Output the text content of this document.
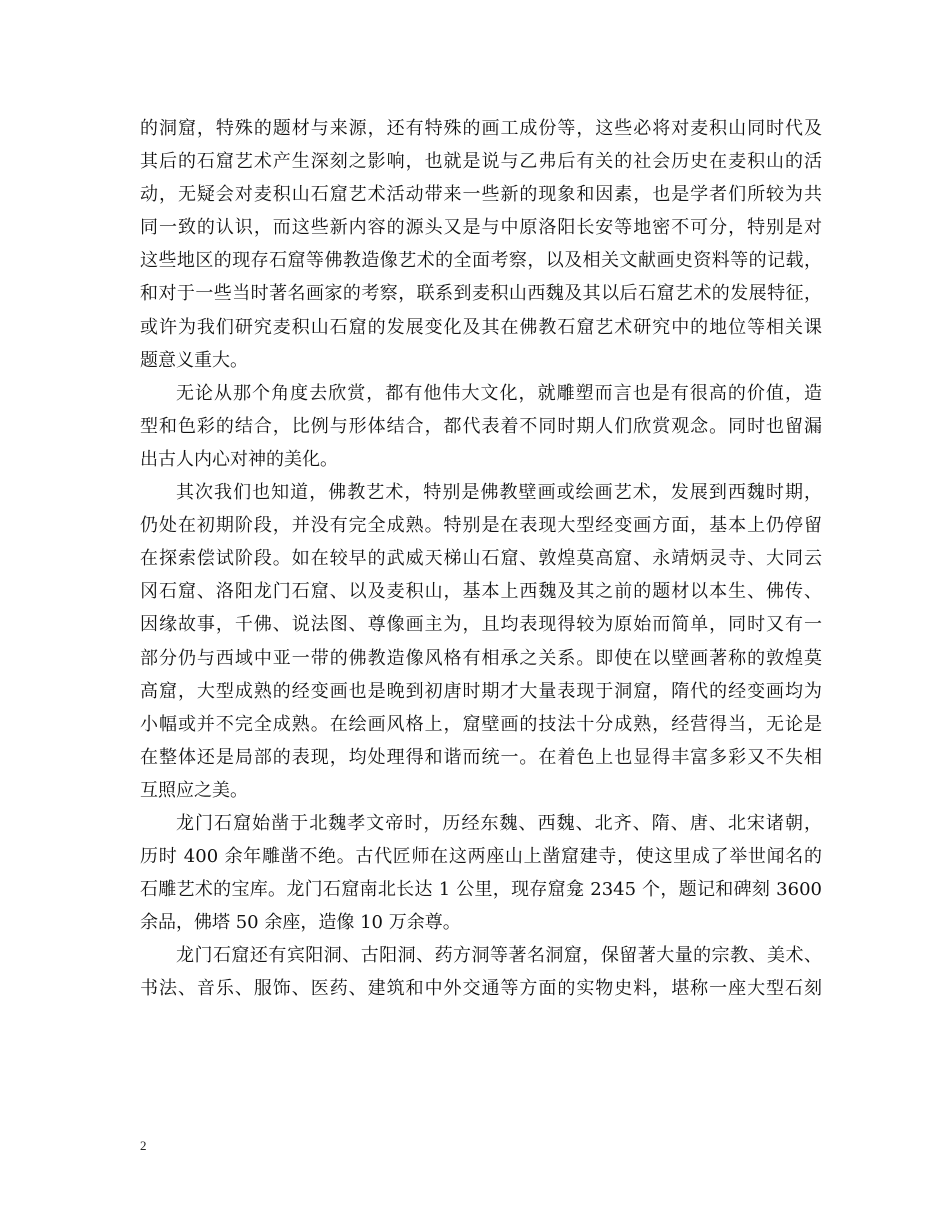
的洞窟，特殊的题材与来源，还有特殊的画工成份等，这些必将对麦积山同时代及
其后的石窟艺术产生深刻之影响，也就是说与乙弗后有关的社会历史在麦积山的活
动，无疑会对麦积山石窟艺术活动带来一些新的现象和因素，也是学者们所较为共
同一致的认识，而这些新内容的源头又是与中原洛阳长安等地密不可分，特别是对
这些地区的现存石窟等佛教造像艺术的全面考察，以及相关文献画史资料等的记载，
和对于一些当时著名画家的考察，联系到麦积山西魏及其以后石窟艺术的发展特征，
或许为我们研究麦积山石窟的发展变化及其在佛教石窟艺术研究中的地位等相关课
题意义重大。
无论从那个角度去欣赏，都有他伟大文化，就雕塑而言也是有很高的价值，造
型和色彩的结合，比例与形体结合，都代表着不同时期人们欣赏观念。同时也留漏
出古人内心对神的美化。
其次我们也知道，佛教艺术，特别是佛教壁画或绘画艺术，发展到西魏时期，
仍处在初期阶段，并没有完全成熟。特别是在表现大型经变画方面，基本上仍停留
在探索偿试阶段。如在较早的武威天梯山石窟、敦煌莫高窟、永靖炳灵寺、大同云
冈石窟、洛阳龙门石窟、以及麦积山，基本上西魏及其之前的题材以本生、佛传、
因缘故事，千佛、说法图、尊像画主为，且均表现得较为原始而简单，同时又有一
部分仍与西域中亚一带的佛教造像风格有相承之关系。即使在以壁画著称的敦煌莫
高窟，大型成熟的经变画也是晚到初唐时期才大量表现于洞窟，隋代的经变画均为
小幅或并不完全成熟。在绘画风格上，窟壁画的技法十分成熟，经营得当，无论是
在整体还是局部的表现，均处理得和谐而统一。在着色上也显得丰富多彩又不失相
互照应之美。
龙门石窟始凿于北魏孝文帝时，历经东魏、西魏、北齐、隋、唐、北宋诸朝，
历时 400 余年雕凿不绝。古代匠师在这两座山上凿窟建寺，使这里成了举世闻名的
石雕艺术的宝库。龙门石窟南北长达 1 公里，现存窟龛 2345 个，题记和碑刻 3600
余品，佛塔 50 余座，造像 10 万余尊。
龙门石窟还有宾阳洞、古阳洞、药方洞等著名洞窟，保留著大量的宗教、美术、
书法、音乐、服饰、医药、建筑和中外交通等方面的实物史料，堪称一座大型石刻
2
